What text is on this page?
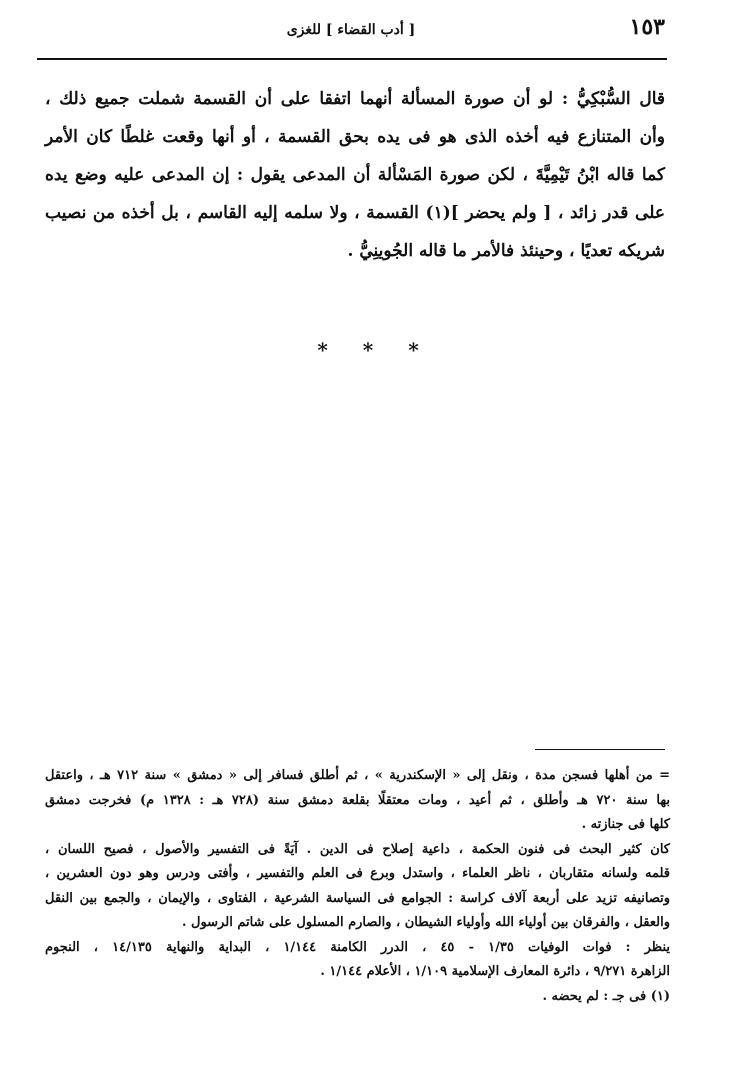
١٥٣
[ أدب القضاء ] للغزى

قال السُّبْكِيُّ : لو أن صورة المسألة أنهما اتفقا على أن القسمة شملت جميع ذلك ،

وأن المتنازع فيه أخذه الذى هو فى يده بحق القسمة ، أو أنها وقعت غلطًا كان الأمر

كما قاله ابْنُ تَيْمِيَّةَ ، لكن صورة المَسْألة أن المدعى يقول : إن المدعى عليه وضع يده

على قدر زائد ، [ ولم يحضر ](١) القسمة ، ولا سلمه إليه القاسم ، بل أخذه من نصيب

شريكه تعديًا ، وحينئذ فالأمر ما قاله الجُوينِيُّ .

* * *

= من أهلها فسجن مدة ، ونقل إلى « الإسكندرية » ، ثم أطلق فسافر إلى « دمشق » سنة ٧١٢ هـ ، واعتقل

بها سنة ٧٢٠ هـ وأطلق ، ثم أعيد ، ومات معتقلًا بقلعة دمشق سنة (٧٢٨ هـ : ١٣٢٨ م) فخرجت دمشق

كلها فى جنازته .

كان كثير البحث فى فنون الحكمة ، داعية إصلاح فى الدين . آيَةً فى التفسير والأصول ، فصيح اللسان ،

قلمه ولسانه متقاربان ، ناظر العلماء ، واستدل وبرع فى العلم والتفسير ، وأفتى ودرس وهو دون العشرين ،

وتصانيفه تزيد على أربعة آلاف كراسة : الجوامع فى السياسة الشرعية ، الفتاوى ، والإيمان ، والجمع بين النقل

والعقل ، والفرقان بين أولياء الله وأولياء الشيطان ، والصارم المسلول على شاتم الرسول .

ينظر : فوات الوفيات ١/٣٥ - ٤٥ ، الدرر الكامنة ١/١٤٤ ، البداية والنهاية ١٤/١٣٥ ، النجوم

الزاهرة ٩/٢٧١ ، دائرة المعارف الإسلامية ١/١٠٩ ، الأعلام ١/١٤٤ .

(١) فى جـ : لم يحضه .
